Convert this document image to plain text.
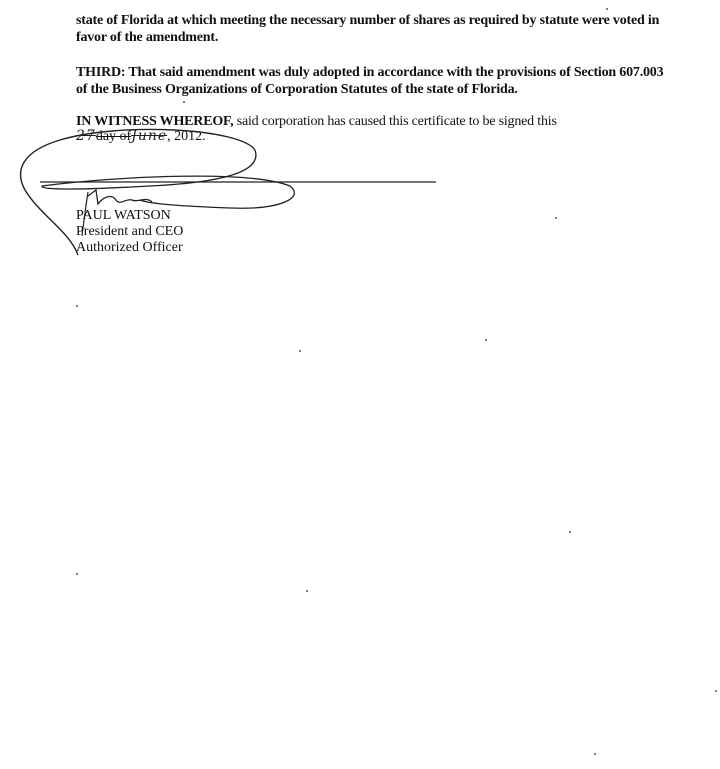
state of Florida at which meeting the necessary number of shares as required by statute were voted in favor of the amendment.
THIRD: That said amendment was duly adopted in accordance with the provisions of Section 607.003 of the Business Organizations of Corporation Statutes of the state of Florida.
IN WITNESS WHEREOF, said corporation has caused this certificate to be signed this
27day ofJune, 2012.
PAUL WATSON
President and CEO
Authorized Officer
